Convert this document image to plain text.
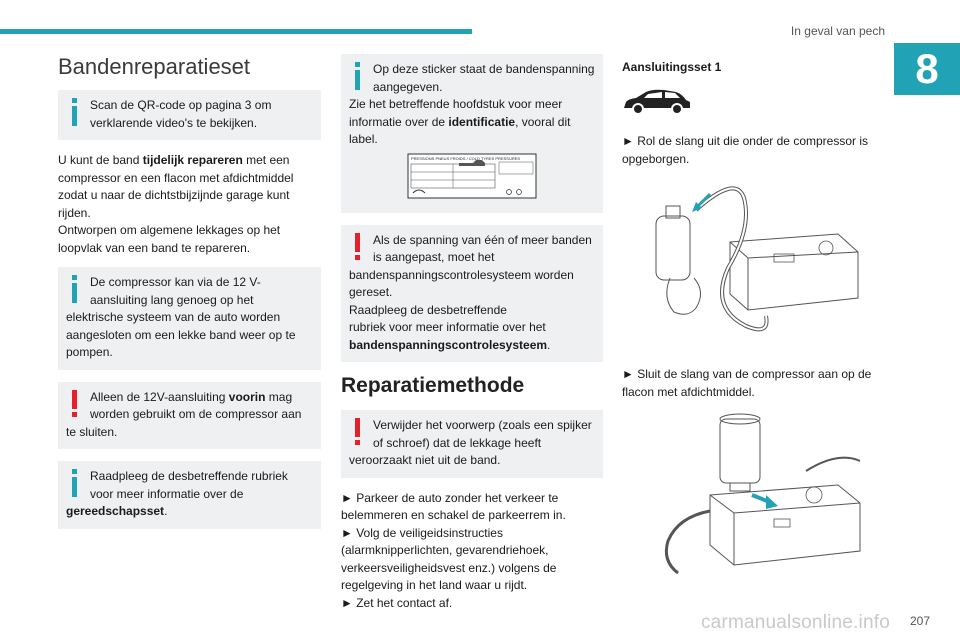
In geval van pech
8
Bandenreparatieset
Scan de QR-code op pagina 3 om verklarende video's te bekijken.
U kunt de band tijdelijk repareren met een compressor en een flacon met afdichtmiddel zodat u naar de dichtstbijzijnde garage kunt rijden.
Ontworpen om algemene lekkages op het loopvlak van een band te repareren.
De compressor kan via de 12 V-aansluiting lang genoeg op het
elektrische systeem van de auto worden aangesloten om een lekke band weer op te pompen.
Alleen de 12V-aansluiting voorin mag worden gebruikt om de compressor aan
te sluiten.
Raadpleeg de desbetreffende rubriek voor meer informatie over de
gereedschapsset.
Op deze sticker staat de bandenspanning aangegeven.
Zie het betreffende hoofdstuk voor meer informatie over de identificatie, vooral dit label.
PRESSIONS PNEUS FROIDS / COLD TYRES PRESSURES
Als de spanning van één of meer banden is aangepast, moet het
bandenspanningscontrolesysteem worden gereset.
Raadpleeg de desbetreffende
rubriek voor meer informatie over het bandenspanningscontrolesysteem.
Reparatiemethode
Verwijder het voorwerp (zoals een spijker of schroef) dat de lekkage heeft
veroorzaakt niet uit de band.
► Parkeer de auto zonder het verkeer te belemmeren en schakel de parkeerrem in.
► Volg de veiligeidsinstructies (alarmknipperlichten, gevarendriehoek, verkeersveiligheidsvest enz.) volgens de regelgeving in het land waar u rijdt.
► Zet het contact af.
Aansluitingsset 1
► Rol de slang uit die onder de compressor is opgeborgen.
► Sluit de slang van de compressor aan op de flacon met afdichtmiddel.
carmanualsonline.info 207
